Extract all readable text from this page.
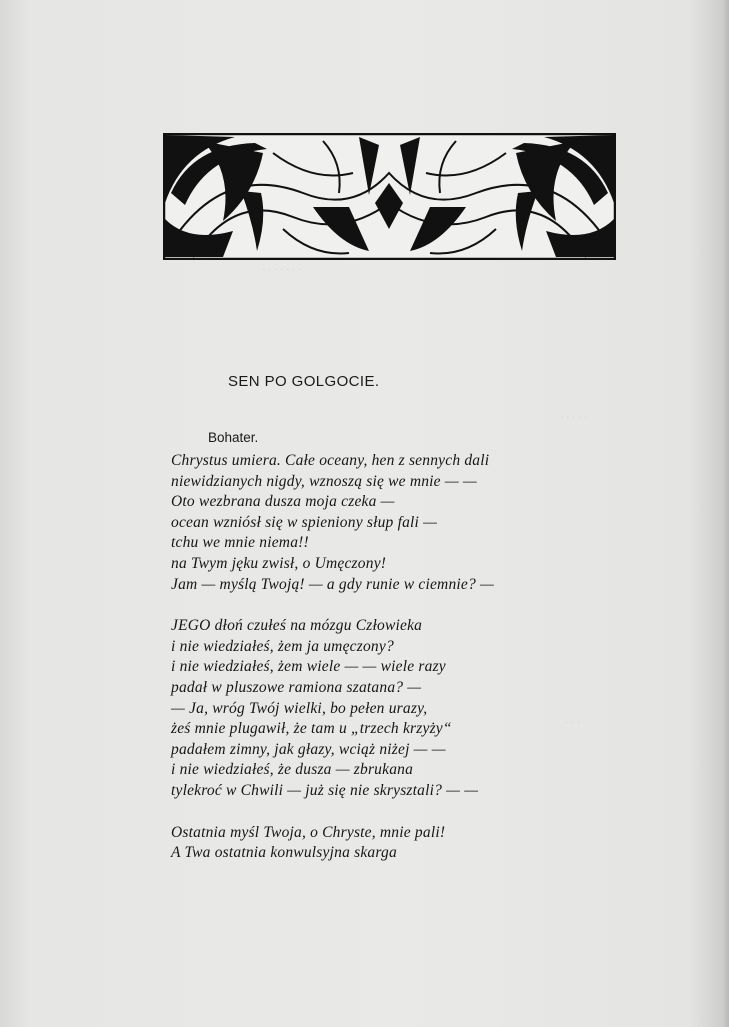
· · · · · · ·
· · · · ·
· · ·
SEN PO GOLGOCIE.
Bohater.
Chrystus umiera. Całe oceany, hen z sennych dali
niewidzianych nigdy, wznoszą się we mnie — —
Oto wezbrana dusza moja czeka —
ocean wzniósł się w spieniony słup fali —
tchu we mnie niema!!
na Twym jęku zwisł, o Umęczony!
Jam — myślą Twoją! — a gdy runie w ciemnie? —
JEGO dłoń czułeś na mózgu Człowieka
i nie wiedziałeś, żem ja umęczony?
i nie wiedziałeś, żem wiele — — wiele razy
padał w pluszowe ramiona szatana? —
— Ja, wróg Twój wielki, bo pełen urazy,
żeś mnie plugawił, że tam u „trzech krzyży“
padałem zimny, jak głazy, wciąż niżej — —
i nie wiedziałeś, że dusza — zbrukana
tylekroć w Chwili — już się nie skrysztali? — —
Ostatnia myśl Twoja, o Chryste, mnie pali!
A Twa ostatnia konwulsyjna skarga
